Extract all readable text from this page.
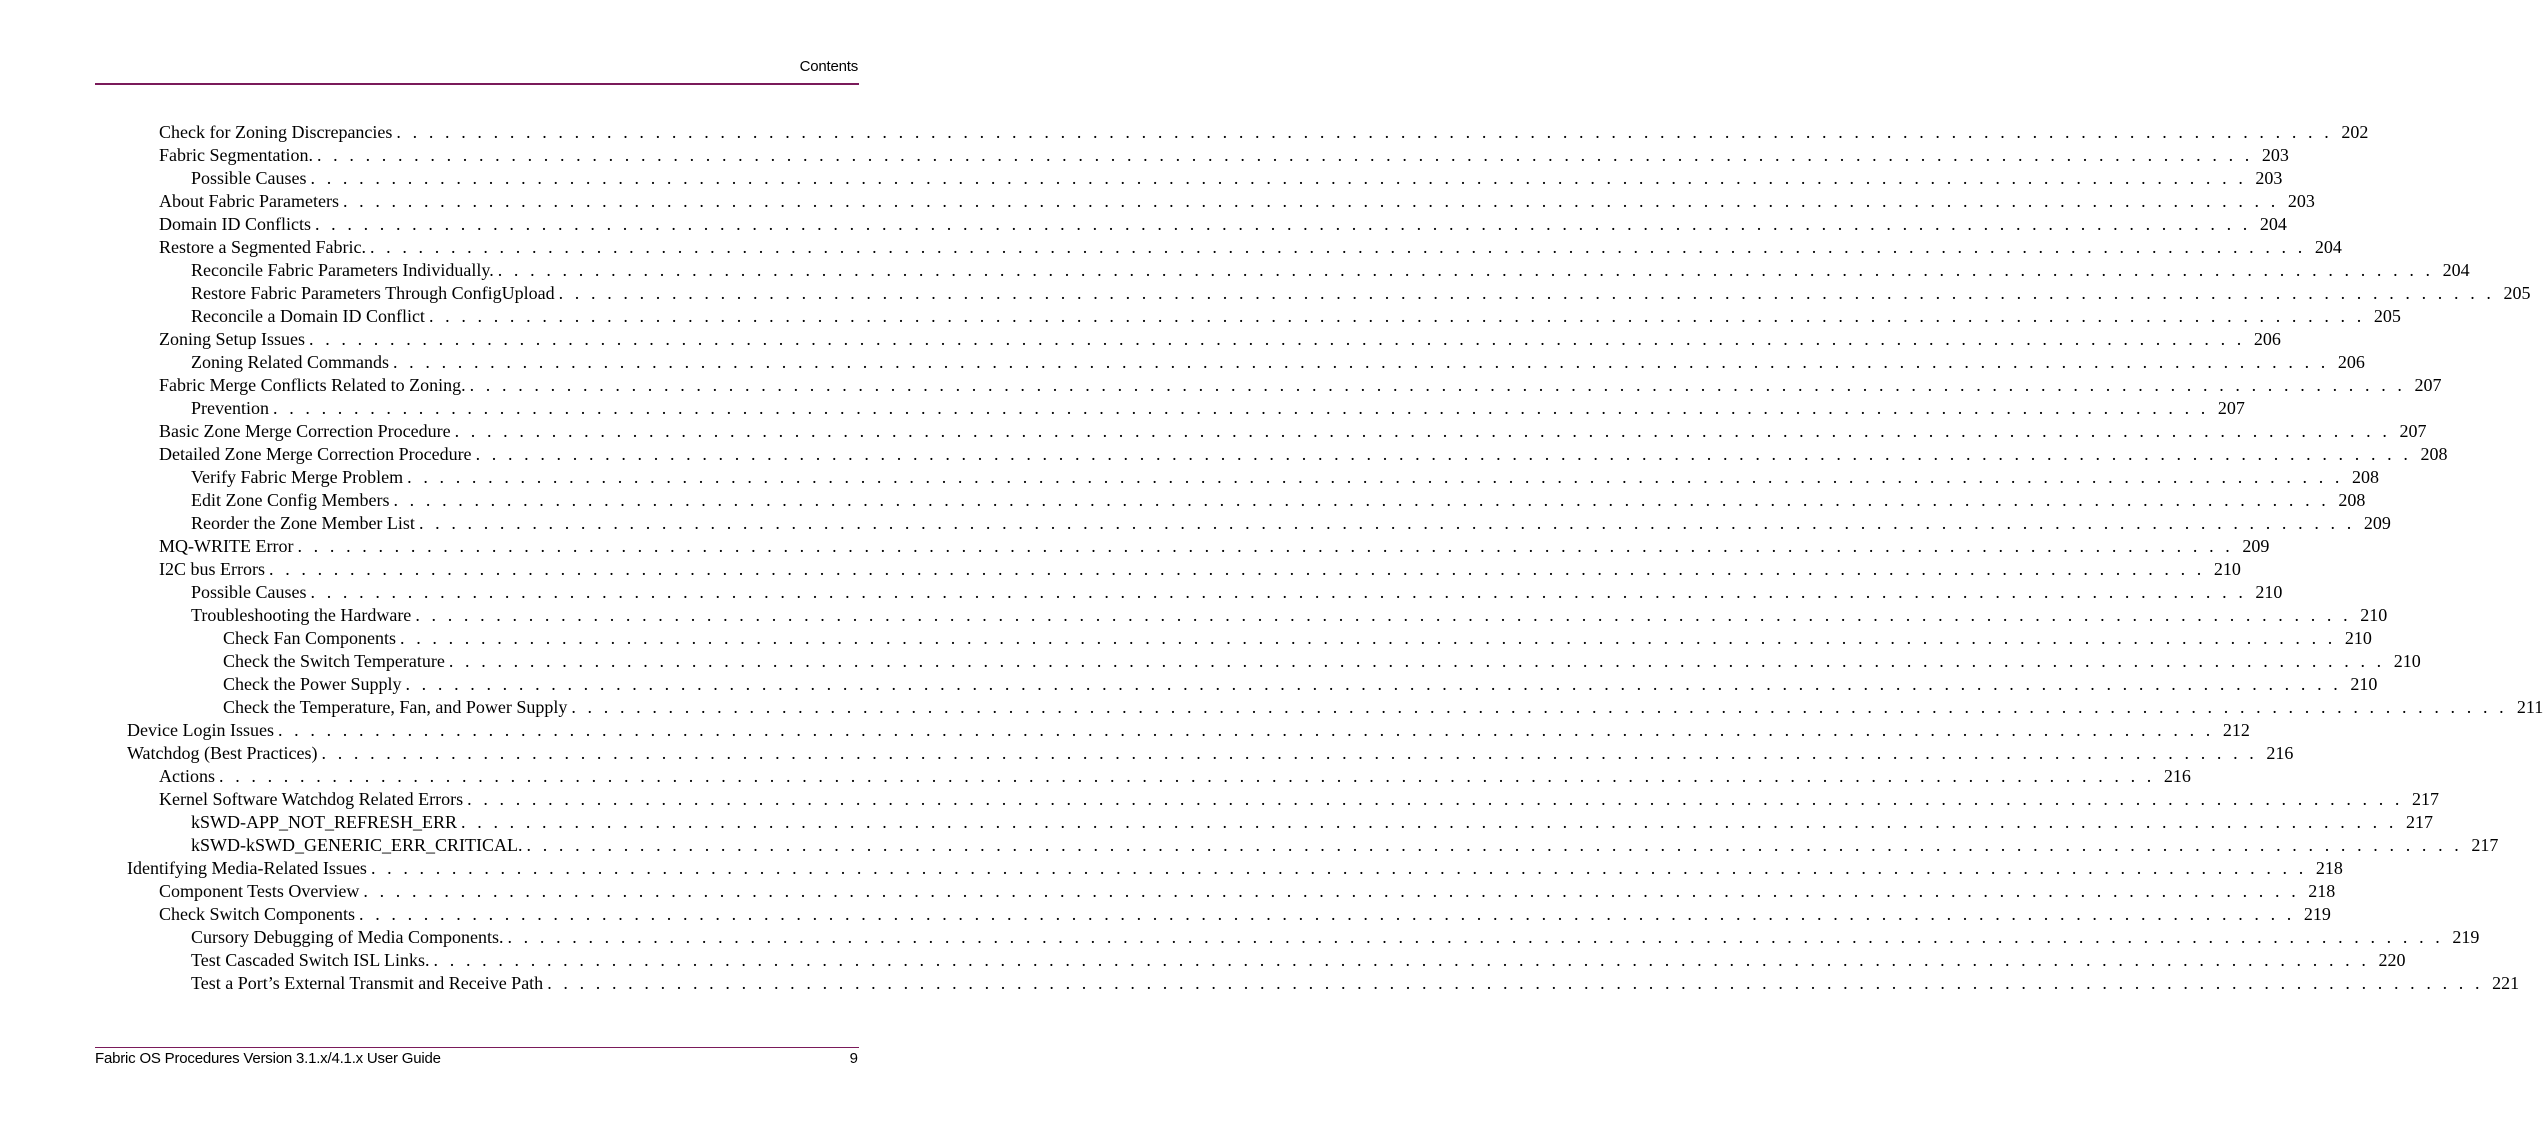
Contents
Check for Zoning Discrepancies . . . . . . . . . . . . . . . . . . . . . . . . . . . . . . . . . . . . . . . . . . . . . . . . . . . . . . . . . . . . . . . . . . . . . . . . . . . . . . . . . . . . . . . . . . . . . . . . . . . . . . . . . . . . . . . . . . . . . . . . 202
Fabric Segmentation. . . . . . . . . . . . . . . . . . . . . . . . . . . . . . . . . . . . . . . . . . . . . . . . . . . . . . . . . . . . . . . . . . . . . . . . . . . . . . . . . . . . . . . . . . . . . . . . . . . . . . . . . . . . . . . . . . . . . . . . . 203
Possible Causes . . . . . . . . . . . . . . . . . . . . . . . . . . . . . . . . . . . . . . . . . . . . . . . . . . . . . . . . . . . . . . . . . . . . . . . . . . . . . . . . . . . . . . . . . . . . . . . . . . . . . . . . . . . . . . . . . . . . . . . . 203
About Fabric Parameters . . . . . . . . . . . . . . . . . . . . . . . . . . . . . . . . . . . . . . . . . . . . . . . . . . . . . . . . . . . . . . . . . . . . . . . . . . . . . . . . . . . . . . . . . . . . . . . . . . . . . . . . . . . . . . . . . . . . . . . . 203
Domain ID Conflicts . . . . . . . . . . . . . . . . . . . . . . . . . . . . . . . . . . . . . . . . . . . . . . . . . . . . . . . . . . . . . . . . . . . . . . . . . . . . . . . . . . . . . . . . . . . . . . . . . . . . . . . . . . . . . . . . . . . . . . . . 204
Restore a Segmented Fabric. . . . . . . . . . . . . . . . . . . . . . . . . . . . . . . . . . . . . . . . . . . . . . . . . . . . . . . . . . . . . . . . . . . . . . . . . . . . . . . . . . . . . . . . . . . . . . . . . . . . . . . . . . . . . . . . . . . . . . . . . 204
Reconcile Fabric Parameters Individually. . . . . . . . . . . . . . . . . . . . . . . . . . . . . . . . . . . . . . . . . . . . . . . . . . . . . . . . . . . . . . . . . . . . . . . . . . . . . . . . . . . . . . . . . . . . . . . . . . . . . . . . . . . . . . . . . . . . . . . . . 204
Restore Fabric Parameters Through ConfigUpload . . . . . . . . . . . . . . . . . . . . . . . . . . . . . . . . . . . . . . . . . . . . . . . . . . . . . . . . . . . . . . . . . . . . . . . . . . . . . . . . . . . . . . . . . . . . . . . . . . . . . . . . . . . . . . . . . . . . . . . . 205
Reconcile a Domain ID Conflict . . . . . . . . . . . . . . . . . . . . . . . . . . . . . . . . . . . . . . . . . . . . . . . . . . . . . . . . . . . . . . . . . . . . . . . . . . . . . . . . . . . . . . . . . . . . . . . . . . . . . . . . . . . . . . . . . . . . . . . . 205
Zoning Setup Issues . . . . . . . . . . . . . . . . . . . . . . . . . . . . . . . . . . . . . . . . . . . . . . . . . . . . . . . . . . . . . . . . . . . . . . . . . . . . . . . . . . . . . . . . . . . . . . . . . . . . . . . . . . . . . . . . . . . . . . . . 206
Zoning Related Commands . . . . . . . . . . . . . . . . . . . . . . . . . . . . . . . . . . . . . . . . . . . . . . . . . . . . . . . . . . . . . . . . . . . . . . . . . . . . . . . . . . . . . . . . . . . . . . . . . . . . . . . . . . . . . . . . . . . . . . . . 206
Fabric Merge Conflicts Related to Zoning. . . . . . . . . . . . . . . . . . . . . . . . . . . . . . . . . . . . . . . . . . . . . . . . . . . . . . . . . . . . . . . . . . . . . . . . . . . . . . . . . . . . . . . . . . . . . . . . . . . . . . . . . . . . . . . . . . . . . . . . . 207
Prevention . . . . . . . . . . . . . . . . . . . . . . . . . . . . . . . . . . . . . . . . . . . . . . . . . . . . . . . . . . . . . . . . . . . . . . . . . . . . . . . . . . . . . . . . . . . . . . . . . . . . . . . . . . . . . . . . . . . . . . . . 207
Basic Zone Merge Correction Procedure . . . . . . . . . . . . . . . . . . . . . . . . . . . . . . . . . . . . . . . . . . . . . . . . . . . . . . . . . . . . . . . . . . . . . . . . . . . . . . . . . . . . . . . . . . . . . . . . . . . . . . . . . . . . . . . . . . . . . . . . 207
Detailed Zone Merge Correction Procedure . . . . . . . . . . . . . . . . . . . . . . . . . . . . . . . . . . . . . . . . . . . . . . . . . . . . . . . . . . . . . . . . . . . . . . . . . . . . . . . . . . . . . . . . . . . . . . . . . . . . . . . . . . . . . . . . . . . . . . . . 208
Verify Fabric Merge Problem . . . . . . . . . . . . . . . . . . . . . . . . . . . . . . . . . . . . . . . . . . . . . . . . . . . . . . . . . . . . . . . . . . . . . . . . . . . . . . . . . . . . . . . . . . . . . . . . . . . . . . . . . . . . . . . . . . . . . . . . 208
Edit Zone Config Members . . . . . . . . . . . . . . . . . . . . . . . . . . . . . . . . . . . . . . . . . . . . . . . . . . . . . . . . . . . . . . . . . . . . . . . . . . . . . . . . . . . . . . . . . . . . . . . . . . . . . . . . . . . . . . . . . . . . . . . . 208
Reorder the Zone Member List . . . . . . . . . . . . . . . . . . . . . . . . . . . . . . . . . . . . . . . . . . . . . . . . . . . . . . . . . . . . . . . . . . . . . . . . . . . . . . . . . . . . . . . . . . . . . . . . . . . . . . . . . . . . . . . . . . . . . . . . 209
MQ-WRITE Error . . . . . . . . . . . . . . . . . . . . . . . . . . . . . . . . . . . . . . . . . . . . . . . . . . . . . . . . . . . . . . . . . . . . . . . . . . . . . . . . . . . . . . . . . . . . . . . . . . . . . . . . . . . . . . . . . . . . . . . . 209
I2C bus Errors . . . . . . . . . . . . . . . . . . . . . . . . . . . . . . . . . . . . . . . . . . . . . . . . . . . . . . . . . . . . . . . . . . . . . . . . . . . . . . . . . . . . . . . . . . . . . . . . . . . . . . . . . . . . . . . . . . . . . . . . 210
Possible Causes . . . . . . . . . . . . . . . . . . . . . . . . . . . . . . . . . . . . . . . . . . . . . . . . . . . . . . . . . . . . . . . . . . . . . . . . . . . . . . . . . . . . . . . . . . . . . . . . . . . . . . . . . . . . . . . . . . . . . . . . 210
Troubleshooting the Hardware . . . . . . . . . . . . . . . . . . . . . . . . . . . . . . . . . . . . . . . . . . . . . . . . . . . . . . . . . . . . . . . . . . . . . . . . . . . . . . . . . . . . . . . . . . . . . . . . . . . . . . . . . . . . . . . . . . . . . . . . 210
Check Fan Components . . . . . . . . . . . . . . . . . . . . . . . . . . . . . . . . . . . . . . . . . . . . . . . . . . . . . . . . . . . . . . . . . . . . . . . . . . . . . . . . . . . . . . . . . . . . . . . . . . . . . . . . . . . . . . . . . . . . . . . . 210
Check the Switch Temperature . . . . . . . . . . . . . . . . . . . . . . . . . . . . . . . . . . . . . . . . . . . . . . . . . . . . . . . . . . . . . . . . . . . . . . . . . . . . . . . . . . . . . . . . . . . . . . . . . . . . . . . . . . . . . . . . . . . . . . . . 210
Check the Power Supply . . . . . . . . . . . . . . . . . . . . . . . . . . . . . . . . . . . . . . . . . . . . . . . . . . . . . . . . . . . . . . . . . . . . . . . . . . . . . . . . . . . . . . . . . . . . . . . . . . . . . . . . . . . . . . . . . . . . . . . . 210
Check the Temperature, Fan, and Power Supply . . . . . . . . . . . . . . . . . . . . . . . . . . . . . . . . . . . . . . . . . . . . . . . . . . . . . . . . . . . . . . . . . . . . . . . . . . . . . . . . . . . . . . . . . . . . . . . . . . . . . . . . . . . . . . . . . . . . . . . . 211
Device Login Issues . . . . . . . . . . . . . . . . . . . . . . . . . . . . . . . . . . . . . . . . . . . . . . . . . . . . . . . . . . . . . . . . . . . . . . . . . . . . . . . . . . . . . . . . . . . . . . . . . . . . . . . . . . . . . . . . . . . . . . . . 212
Watchdog (Best Practices) . . . . . . . . . . . . . . . . . . . . . . . . . . . . . . . . . . . . . . . . . . . . . . . . . . . . . . . . . . . . . . . . . . . . . . . . . . . . . . . . . . . . . . . . . . . . . . . . . . . . . . . . . . . . . . . . . . . . . . . . 216
Actions . . . . . . . . . . . . . . . . . . . . . . . . . . . . . . . . . . . . . . . . . . . . . . . . . . . . . . . . . . . . . . . . . . . . . . . . . . . . . . . . . . . . . . . . . . . . . . . . . . . . . . . . . . . . . . . . . . . . . . . . 216
Kernel Software Watchdog Related Errors . . . . . . . . . . . . . . . . . . . . . . . . . . . . . . . . . . . . . . . . . . . . . . . . . . . . . . . . . . . . . . . . . . . . . . . . . . . . . . . . . . . . . . . . . . . . . . . . . . . . . . . . . . . . . . . . . . . . . . . . 217
kSWD-APP_NOT_REFRESH_ERR . . . . . . . . . . . . . . . . . . . . . . . . . . . . . . . . . . . . . . . . . . . . . . . . . . . . . . . . . . . . . . . . . . . . . . . . . . . . . . . . . . . . . . . . . . . . . . . . . . . . . . . . . . . . . . . . . . . . . . . . 217
kSWD-kSWD_GENERIC_ERR_CRITICAL. . . . . . . . . . . . . . . . . . . . . . . . . . . . . . . . . . . . . . . . . . . . . . . . . . . . . . . . . . . . . . . . . . . . . . . . . . . . . . . . . . . . . . . . . . . . . . . . . . . . . . . . . . . . . . . . . . . . . . . . . 217
Identifying Media-Related Issues . . . . . . . . . . . . . . . . . . . . . . . . . . . . . . . . . . . . . . . . . . . . . . . . . . . . . . . . . . . . . . . . . . . . . . . . . . . . . . . . . . . . . . . . . . . . . . . . . . . . . . . . . . . . . . . . . . . . . . . . 218
Component Tests Overview . . . . . . . . . . . . . . . . . . . . . . . . . . . . . . . . . . . . . . . . . . . . . . . . . . . . . . . . . . . . . . . . . . . . . . . . . . . . . . . . . . . . . . . . . . . . . . . . . . . . . . . . . . . . . . . . . . . . . . . . 218
Check Switch Components . . . . . . . . . . . . . . . . . . . . . . . . . . . . . . . . . . . . . . . . . . . . . . . . . . . . . . . . . . . . . . . . . . . . . . . . . . . . . . . . . . . . . . . . . . . . . . . . . . . . . . . . . . . . . . . . . . . . . . . . 219
Cursory Debugging of Media Components. . . . . . . . . . . . . . . . . . . . . . . . . . . . . . . . . . . . . . . . . . . . . . . . . . . . . . . . . . . . . . . . . . . . . . . . . . . . . . . . . . . . . . . . . . . . . . . . . . . . . . . . . . . . . . . . . . . . . . . . . 219
Test Cascaded Switch ISL Links. . . . . . . . . . . . . . . . . . . . . . . . . . . . . . . . . . . . . . . . . . . . . . . . . . . . . . . . . . . . . . . . . . . . . . . . . . . . . . . . . . . . . . . . . . . . . . . . . . . . . . . . . . . . . . . . . . . . . . . . . 220
Test a Port’s External Transmit and Receive Path . . . . . . . . . . . . . . . . . . . . . . . . . . . . . . . . . . . . . . . . . . . . . . . . . . . . . . . . . . . . . . . . . . . . . . . . . . . . . . . . . . . . . . . . . . . . . . . . . . . . . . . . . . . . . . . . . . . . . . . . 221
Fabric OS Procedures Version 3.1.x/4.1.x User Guide	9
